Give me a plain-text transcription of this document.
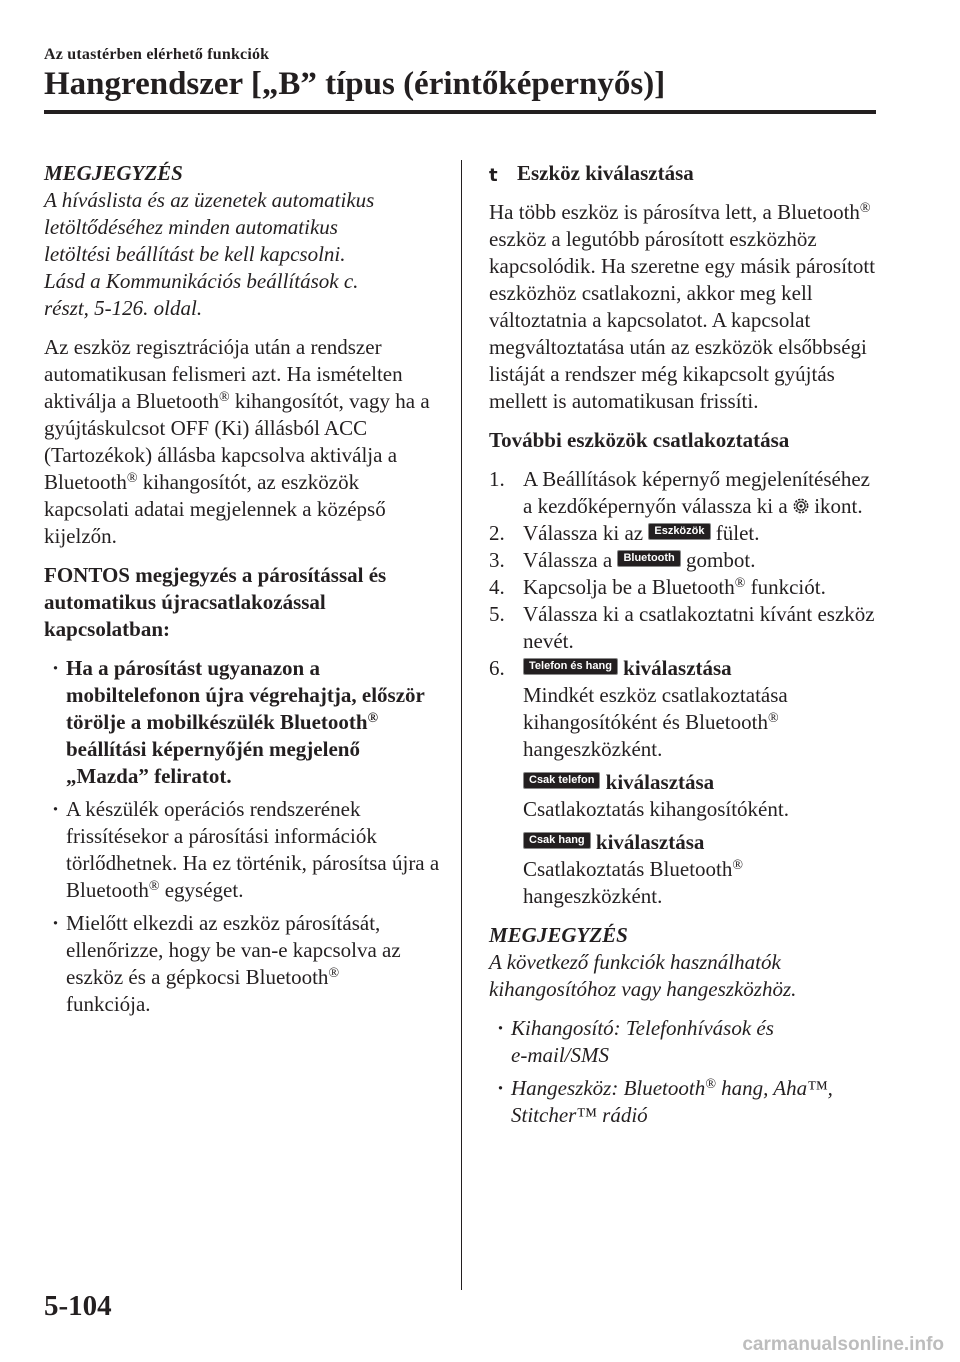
Az utastérben elérhető funkciók
Hangrendszer [„B” típus (érintőképernyős)]

MEGJEGYZÉS

A híváslista és az üzenetek automatikus
letöltődéséhez minden automatikus
letöltési beállítást be kell kapcsolni.
Lásd a Kommunikációs beállítások c.
részt, 5-126. oldal.

Az eszköz regisztrációja után a rendszer automatikusan felismeri azt. Ha ismételten aktiválja a Bluetooth® kihangosítót, vagy ha a gyújtáskulcsot OFF (Ki) állásból ACC (Tartozékok) állásba kapcsolva aktiválja a Bluetooth® kihangosítót, az eszközök kapcsolati adatai megjelennek a középső kijelzőn.

FONTOS megjegyzés a párosítással és automatikus újracsatlakozással kapcsolatban:

· Ha a párosítást ugyanazon a mobiltelefonon újra végrehajtja, először törölje a mobilkészülék Bluetooth® beállítási képernyőjén megjelenő „Mazda” feliratot.
· A készülék operációs rendszerének frissítésekor a párosítási információk törlődhetnek. Ha ez történik, párosítsa újra a Bluetooth® egységet.
· Mielőtt elkezdi az eszköz párosítását, ellenőrizze, hogy be van-e kapcsolva az eszköz és a gépkocsi Bluetooth®
funkciója.

t Eszköz kiválasztása

Ha több eszköz is párosítva lett, a Bluetooth® eszköz a legutóbb párosított eszközhöz kapcsolódik. Ha szeretne egy másik párosított eszközhöz csatlakozni, akkor meg kell változtatnia a kapcsolatot. A kapcsolat megváltoztatása után az eszközök elsőbbségi listáját a rendszer még kikapcsolt gyújtás mellett is automatikusan frissíti.

További eszközök csatlakoztatása

1. A Beállítások képernyő megjelenítéséhez a kezdőképernyőn válassza ki a  ikont.
2. Válassza ki az Eszközök fület.
3. Válassza a Bluetooth gombot.
4. Kapcsolja be a Bluetooth® funkciót.
5. Válassza ki a csatlakoztatni kívánt eszköz nevét.
6. Telefon és hang kiválasztása
Mindkét eszköz csatlakoztatása kihangosítóként és Bluetooth®
hangeszközként.
Csak telefon kiválasztása
Csatlakoztatás kihangosítóként.
Csak hang kiválasztása
Csatlakoztatás Bluetooth®
hangeszközként.

MEGJEGYZÉS

A következő funkciók használhatók
kihangosítóhoz vagy hangeszközhöz.
· Kihangosító: Telefonhívások és
e-mail/SMS
· Hangeszköz: Bluetooth® hang, Aha™,
Stitcher™ rádió
5-104
carmanualsonline.info
